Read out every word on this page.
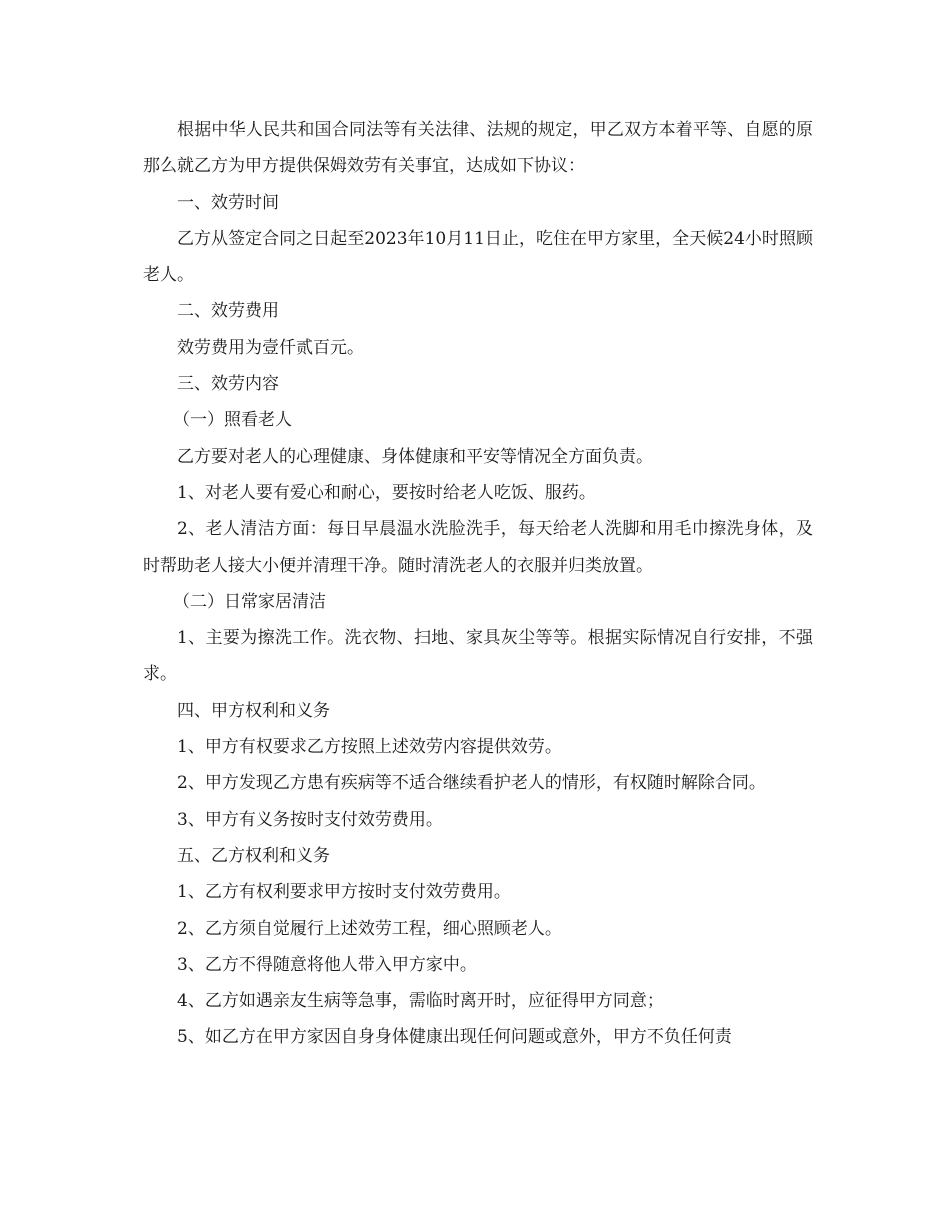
根据中华人民共和国合同法等有关法律、法规的规定，甲乙双方本着平等、自愿的原那么就乙方为甲方提供保姆效劳有关事宜，达成如下协议：

一、效劳时间

乙方从签定合同之日起至2023年10月11日止，吃住在甲方家里，全天候24小时照顾老人。

二、效劳费用

效劳费用为壹仟贰百元。

三、效劳内容

（一）照看老人

乙方要对老人的心理健康、身体健康和平安等情况全方面负责。

1、对老人要有爱心和耐心，要按时给老人吃饭、服药。

2、老人清洁方面：每日早晨温水洗脸洗手，每天给老人洗脚和用毛巾擦洗身体，及时帮助老人接大小便并清理干净。随时清洗老人的衣服并归类放置。

（二）日常家居清洁

1、主要为擦洗工作。洗衣物、扫地、家具灰尘等等。根据实际情况自行安排，不强求。

四、甲方权利和义务

1、甲方有权要求乙方按照上述效劳内容提供效劳。

2、甲方发现乙方患有疾病等不适合继续看护老人的情形，有权随时解除合同。

3、甲方有义务按时支付效劳费用。

五、乙方权利和义务

1、乙方有权利要求甲方按时支付效劳费用。

2、乙方须自觉履行上述效劳工程，细心照顾老人。

3、乙方不得随意将他人带入甲方家中。

4、乙方如遇亲友生病等急事，需临时离开时，应征得甲方同意；

5、如乙方在甲方家因自身身体健康出现任何问题或意外，甲方不负任何责
